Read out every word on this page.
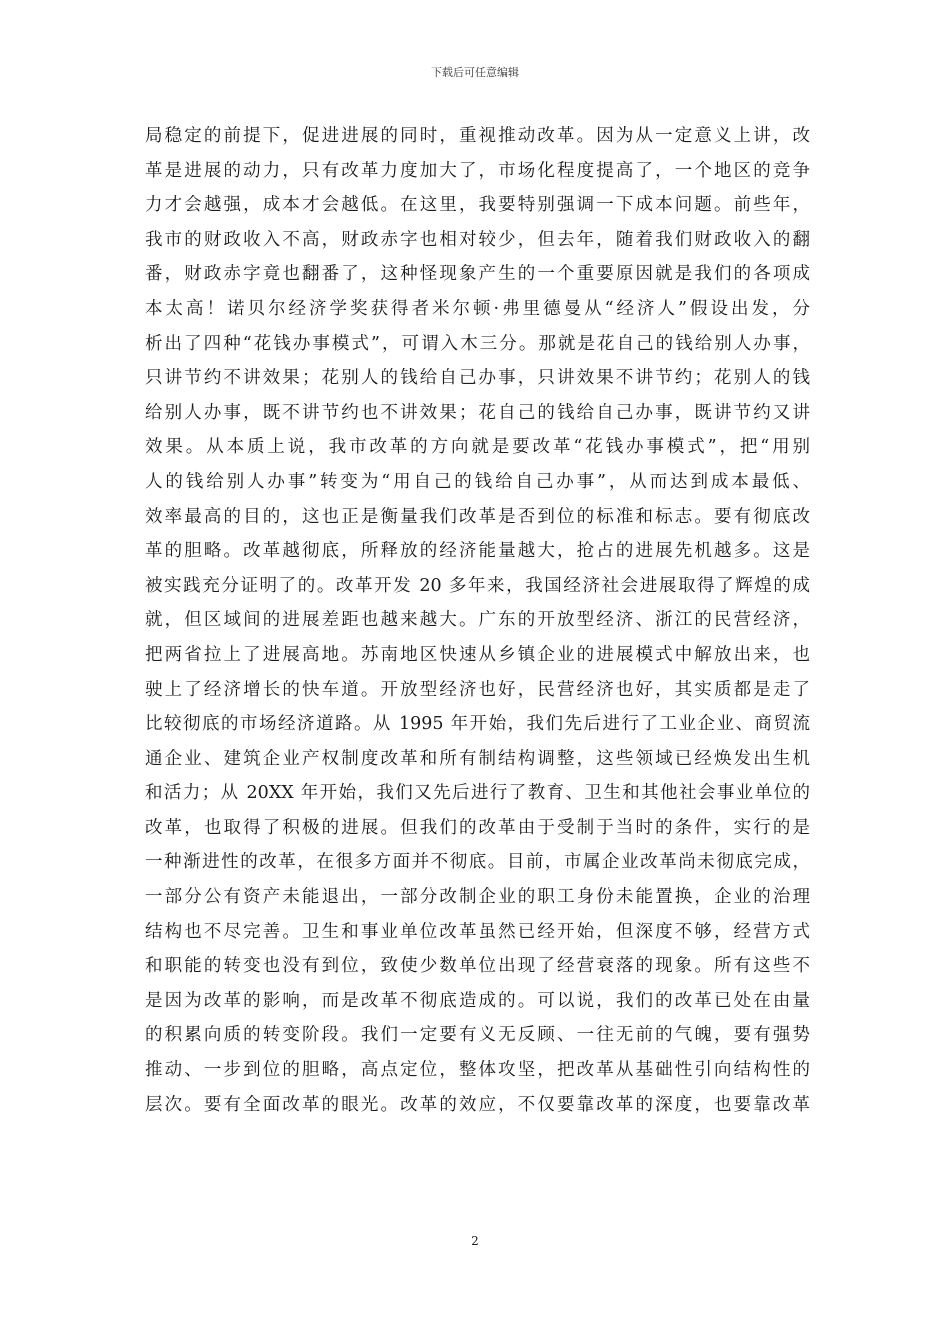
下载后可任意编辑
局稳定的前提下，促进进展的同时，重视推动改革。因为从一定意义上讲，改
革是进展的动力，只有改革力度加大了，市场化程度提高了，一个地区的竞争
力才会越强，成本才会越低。在这里，我要特别强调一下成本问题。前些年，
我市的财政收入不高，财政赤字也相对较少，但去年，随着我们财政收入的翻
番，财政赤字竟也翻番了，这种怪现象产生的一个重要原因就是我们的各项成
本太高！诺贝尔经济学奖获得者米尔顿·弗里德曼从“经济人”假设出发，分
析出了四种“花钱办事模式”，可谓入木三分。那就是花自己的钱给别人办事，
只讲节约不讲效果；花别人的钱给自己办事，只讲效果不讲节约；花别人的钱
给别人办事，既不讲节约也不讲效果；花自己的钱给自己办事，既讲节约又讲
效果。从本质上说，我市改革的方向就是要改革“花钱办事模式”，把“用别
人的钱给别人办事”转变为“用自己的钱给自己办事”，从而达到成本最低、
效率最高的目的，这也正是衡量我们改革是否到位的标准和标志。要有彻底改
革的胆略。改革越彻底，所释放的经济能量越大，抢占的进展先机越多。这是
被实践充分证明了的。改革开发 20 多年来，我国经济社会进展取得了辉煌的成
就，但区域间的进展差距也越来越大。广东的开放型经济、浙江的民营经济，
把两省拉上了进展高地。苏南地区快速从乡镇企业的进展模式中解放出来，也
驶上了经济增长的快车道。开放型经济也好，民营经济也好，其实质都是走了
比较彻底的市场经济道路。从 1995 年开始，我们先后进行了工业企业、商贸流
通企业、建筑企业产权制度改革和所有制结构调整，这些领域已经焕发出生机
和活力；从 20XX 年开始，我们又先后进行了教育、卫生和其他社会事业单位的
改革，也取得了积极的进展。但我们的改革由于受制于当时的条件，实行的是
一种渐进性的改革，在很多方面并不彻底。目前，市属企业改革尚未彻底完成，
一部分公有资产未能退出，一部分改制企业的职工身份未能置换，企业的治理
结构也不尽完善。卫生和事业单位改革虽然已经开始，但深度不够，经营方式
和职能的转变也没有到位，致使少数单位出现了经营衰落的现象。所有这些不
是因为改革的影响，而是改革不彻底造成的。可以说，我们的改革已处在由量
的积累向质的转变阶段。我们一定要有义无反顾、一往无前的气魄，要有强势
推动、一步到位的胆略，高点定位，整体攻坚，把改革从基础性引向结构性的
层次。要有全面改革的眼光。改革的效应，不仅要靠改革的深度，也要靠改革
2
